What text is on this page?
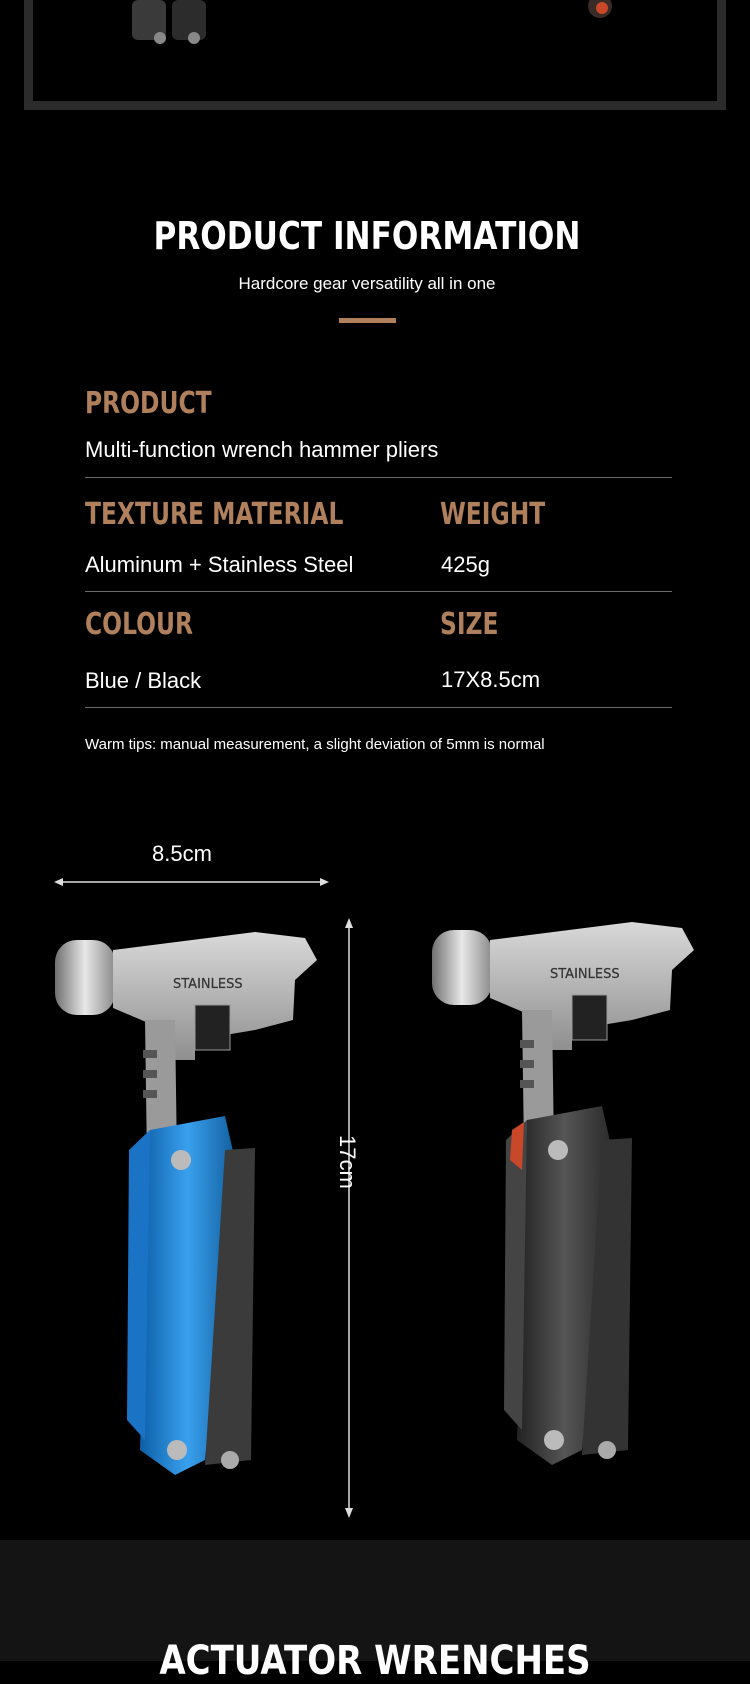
PRODUCT INFORMATION
Hardcore gear versatility all in one
PRODUCT
Multi-function wrench hammer pliers
TEXTURE MATERIAL
Aluminum + Stainless Steel
WEIGHT
425g
COLOUR
Blue / Black
SIZE
17X8.5cm
Warm tips: manual measurement, a slight deviation of 5mm is normal
8.5cm
17cm
STAINLESS
STAINLESS
ACTUATOR WRENCHES
